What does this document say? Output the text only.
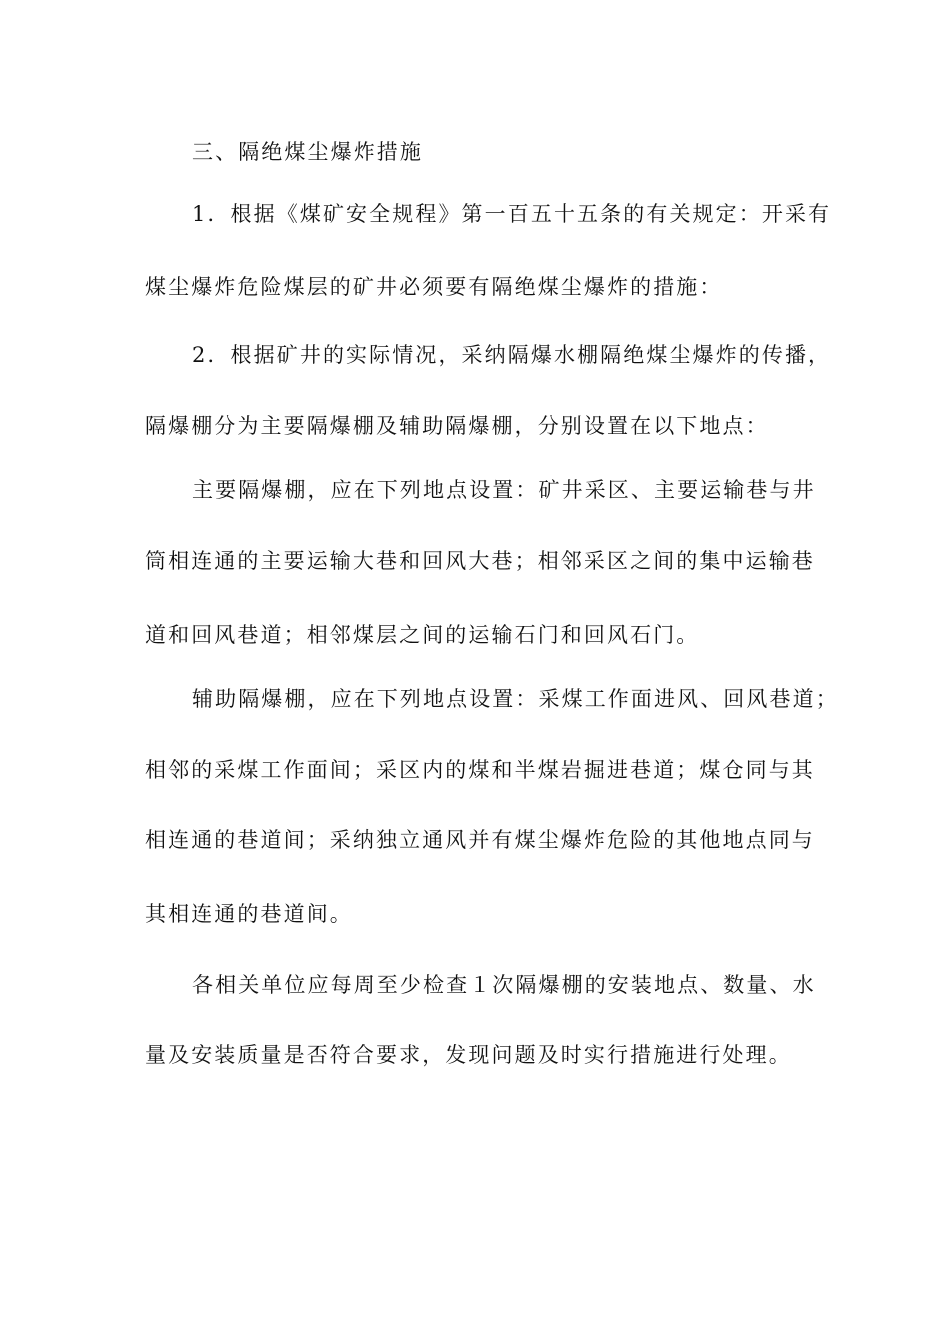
三、隔绝煤尘爆炸措施
1．根据《煤矿安全规程》第一百五十五条的有关规定：开采有
煤尘爆炸危险煤层的矿井必须要有隔绝煤尘爆炸的措施：
2．根据矿井的实际情况，采纳隔爆水棚隔绝煤尘爆炸的传播，
隔爆棚分为主要隔爆棚及辅助隔爆棚，分别设置在以下地点：
主要隔爆棚，应在下列地点设置：矿井采区、主要运输巷与井
筒相连通的主要运输大巷和回风大巷；相邻采区之间的集中运输巷
道和回风巷道；相邻煤层之间的运输石门和回风石门。
辅助隔爆棚，应在下列地点设置：采煤工作面进风、回风巷道；
相邻的采煤工作面间；采区内的煤和半煤岩掘进巷道；煤仓同与其
相连通的巷道间；采纳独立通风并有煤尘爆炸危险的其他地点同与
其相连通的巷道间。
各相关单位应每周至少检查１次隔爆棚的安装地点、数量、水
量及安装质量是否符合要求，发现问题及时实行措施进行处理。
